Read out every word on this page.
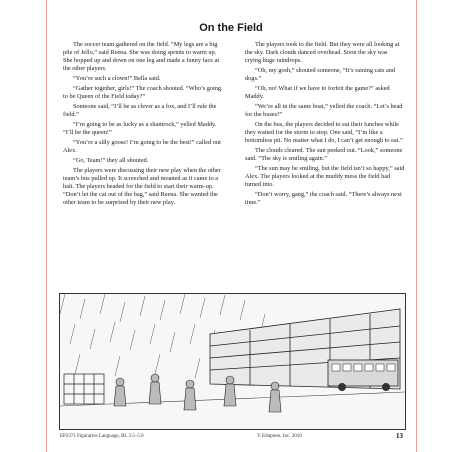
On the Field

The soccer team gathered on the field. “My legs are a big pile of Jello,” said Reena. She was doing sprints to warm up. She hopped up and down on one leg and made a funny face at the other players.

“You’re such a clown!” Bella said.

“Gather together, girls!” The coach shouted. “Who’s going to be Queen of the Field today?”

Someone said, “I’ll be as clever as a fox, and I’ll rule the field.”

“I’m going to be as lucky as a shamrock,” yelled Maddy. “I’ll be the queen!”

“You’re a silly goose! I’m going to be the best!” called out Alex.

“Go, Team!” they all shouted.

The players were discussing their new play when the other team’s bus pulled up. It screeched and moaned as it came to a halt. The players headed for the field to start their warm-up. “Don’t let the cat out of the bag,” said Reena. She wanted the other team to be surprised by their new play.

The players took to the field. But they were all looking at the sky. Dark clouds danced overhead. Soon the sky was crying huge raindrops.

“Oh, my gosh,” shouted someone, “It’s raining cats and dogs.”

“Oh, no! What if we have to forfeit the game?” asked Maddy.

“We’re all in the same boat,” yelled the coach. “Let’s head for the buses!”

On the bus, the players decided to eat their lunches while they waited for the storm to stop. One said, “I’m like a bottomless pit. No matter what I do, I can’t get enough to eat.”

The clouds cleared. The sun peeked out. “Look,” someone said. “The sky is smiling again.”

“The sun may be smiling, but the field isn’t so happy,” said Alex. The players looked at the muddy mess the field had turned into.

“Don’t worry, gang,” the coach said. “There’s always next time.”

EP3371 Figurative Language, RL 3.5–5.0	© Edupress, Inc. 2010	13
